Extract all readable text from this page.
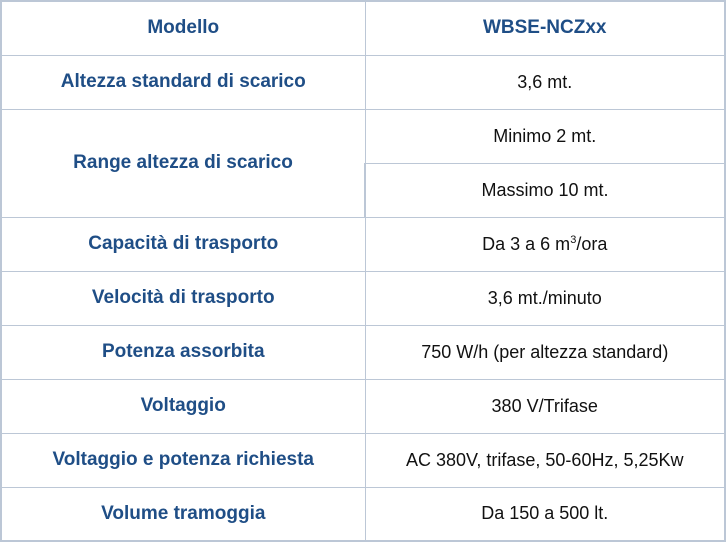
Modello	WBSE-NCZxx
Altezza standard di scarico	3,6 mt.
Range altezza di scarico	Minimo 2 mt.
	Massimo 10 mt.
Capacità di trasporto	Da 3 a 6 $m^3$/ora
Velocità di trasporto	3,6 mt./minuto
Potenza assorbita	750 W/h (per altezza standard)
Voltaggio	380 V/Trifase
Voltaggio e potenza richiesta	AC 380V, trifase, 50-60Hz, 5,25Kw
Volume tramoggia	Da 150 a 500 lt.
